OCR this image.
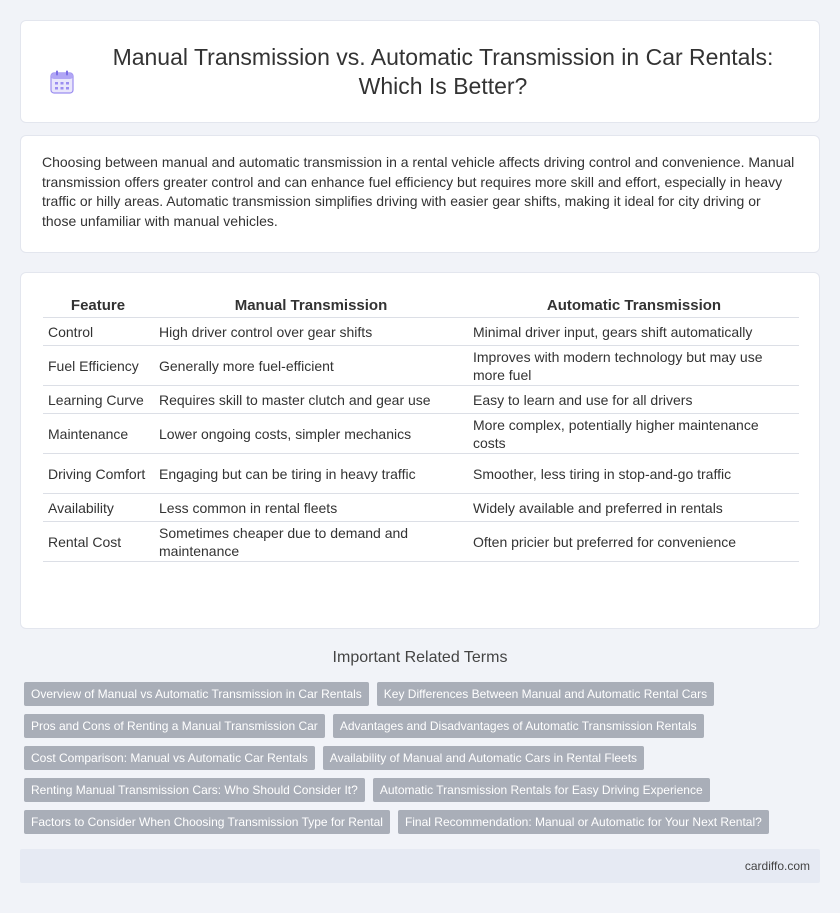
Manual Transmission vs. Automatic Transmission in Car Rentals: Which Is Better?

Choosing between manual and automatic transmission in a rental vehicle affects driving control and convenience. Manual transmission offers greater control and can enhance fuel efficiency but requires more skill and effort, especially in heavy traffic or hilly areas. Automatic transmission simplifies driving with easier gear shifts, making it ideal for city driving or those unfamiliar with manual vehicles.

Feature	Manual Transmission	Automatic Transmission
Control	High driver control over gear shifts	Minimal driver input, gears shift automatically
Fuel Efficiency	Generally more fuel-efficient	Improves with modern technology but may use more fuel
Learning Curve	Requires skill to master clutch and gear use	Easy to learn and use for all drivers
Maintenance	Lower ongoing costs, simpler mechanics	More complex, potentially higher maintenance costs
Driving Comfort	Engaging but can be tiring in heavy traffic	Smoother, less tiring in stop-and-go traffic
Availability	Less common in rental fleets	Widely available and preferred in rentals
Rental Cost	Sometimes cheaper due to demand and maintenance	Often pricier but preferred for convenience
Important Related Terms
Overview of Manual vs Automatic Transmission in Car Rentals	Key Differences Between Manual and Automatic Rental Cars
Pros and Cons of Renting a Manual Transmission Car	Advantages and Disadvantages of Automatic Transmission Rentals
Cost Comparison: Manual vs Automatic Car Rentals	Availability of Manual and Automatic Cars in Rental Fleets
Renting Manual Transmission Cars: Who Should Consider It?	Automatic Transmission Rentals for Easy Driving Experience
Factors to Consider When Choosing Transmission Type for Rental	Final Recommendation: Manual or Automatic for Your Next Rental?
cardiffo.com
